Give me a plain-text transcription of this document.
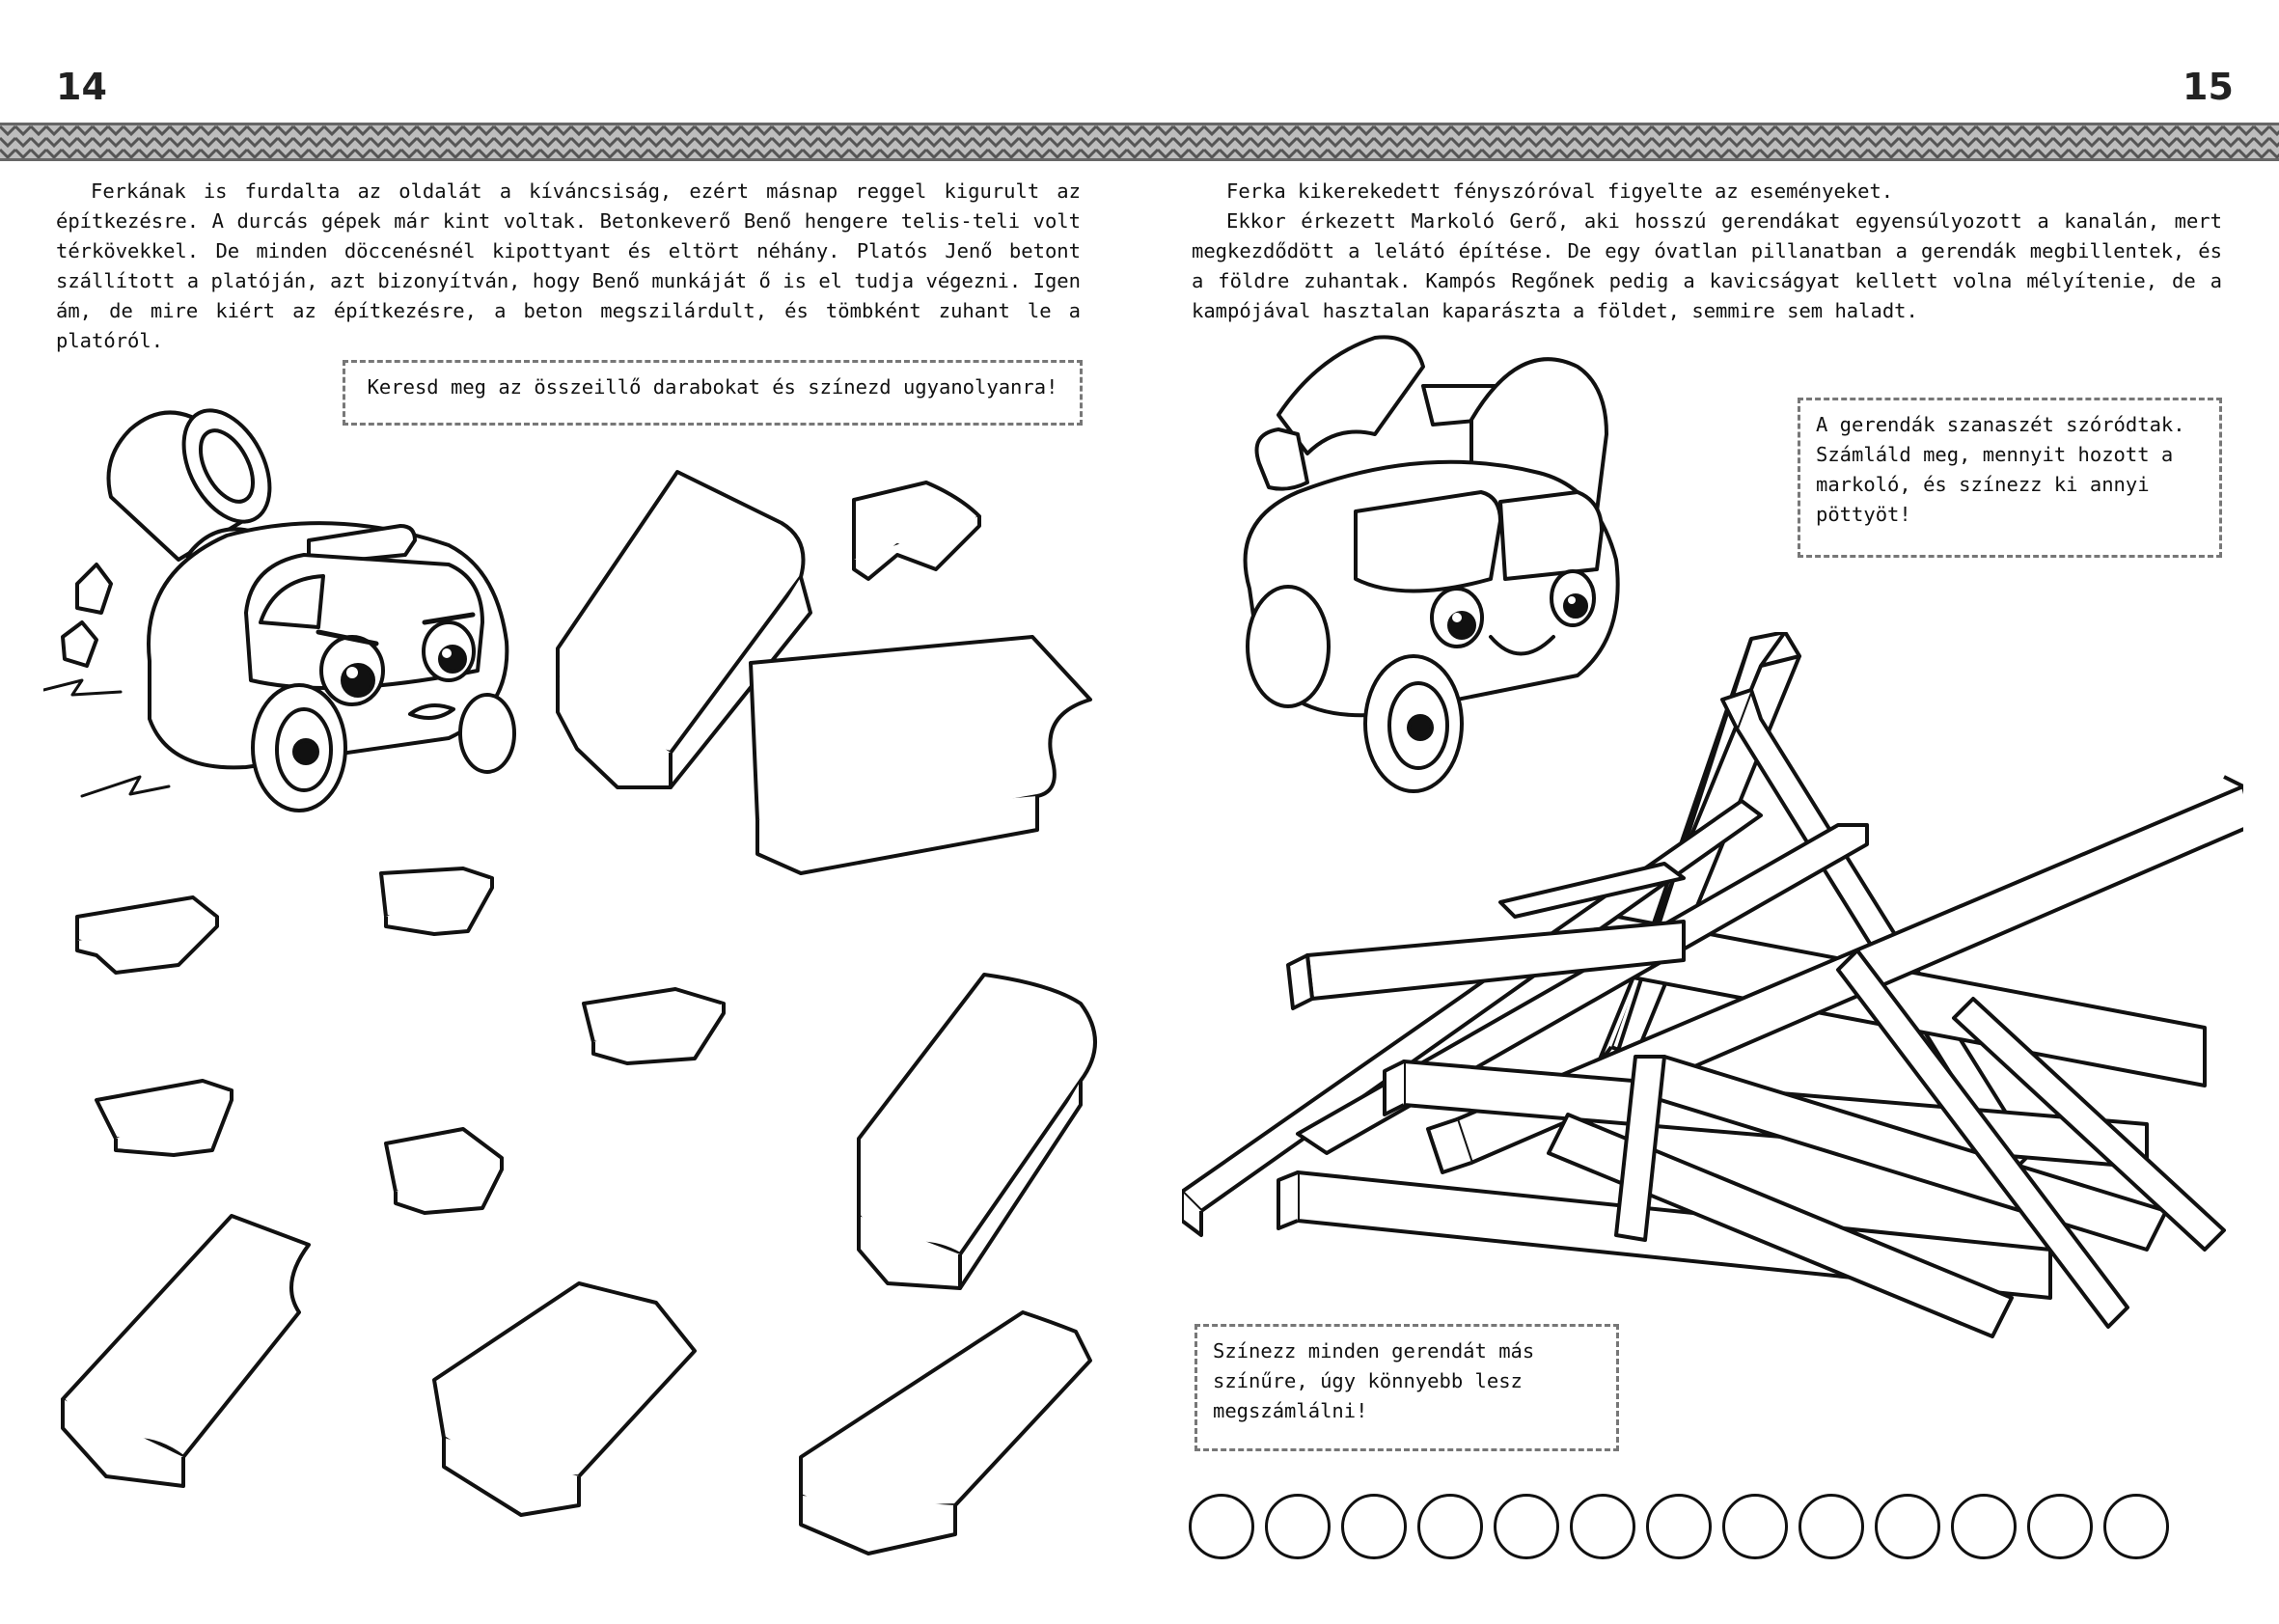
14	15

Ferkának is furdalta az oldalát a kíváncsiság, ezért másnap reggel kigurult az építkezésre. A durcás gépek már kint voltak. Betonkeverő Benő hengere telis-teli volt térkövekkel. De minden döccenésnél kipottyant és eltört néhány. Platós Jenő betont szállított a platóján, azt bizonyítván, hogy Benő munkáját ő is el tudja végezni. Igen ám, de mire kiért az építkezésre, a beton megszilárdult, és tömbként zuhant le a platóról.

Keresd meg az összeillő darabokat és színezd ugyanolyanra!

Ferka kikerekedett fényszóróval figyelte az eseményeket.

Ekkor érkezett Markoló Gerő, aki hosszú gerendákat egyensúlyozott a kanalán, mert megkezdődött a lelátó építése. De egy óvatlan pillanatban a gerendák megbillentek, és a földre zuhantak. Kampós Regőnek pedig a kavicságyat kellett volna mélyítenie, de a kampójával hasztalan kaparászta a földet, semmire sem haladt.

A gerendák szanaszét szóródtak. Számláld meg, mennyit hozott a markoló, és színezz ki annyi pöttyöt!
Színezz minden gerendát más színűre, úgy könnyebb lesz megszámlálni!
